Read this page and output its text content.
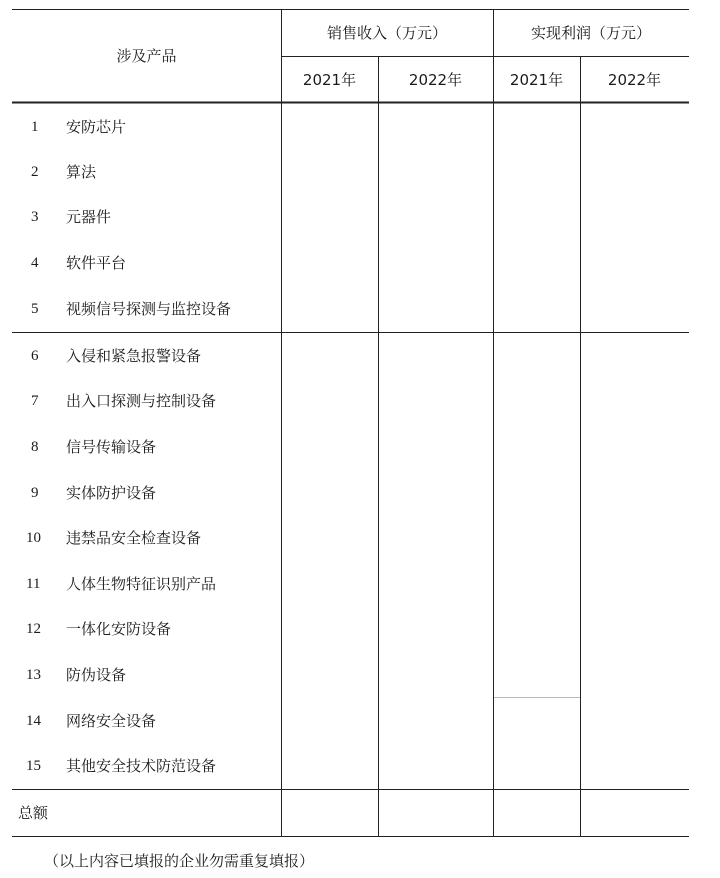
涉及产品
销售收入（万元）	实现利润（万元）
2021年	2022年	2021年	2022年
1 安防芯片
2 算法
3 元器件
4 软件平台
5 视频信号探测与监控设备
6 入侵和紧急报警设备
7 出入口探测与控制设备
8 信号传输设备
9 实体防护设备
10 违禁品安全检查设备
11 人体生物特征识别产品
12 一体化安防设备
13 防伪设备
14 网络安全设备
15 其他安全技术防范设备
总额
（以上内容已填报的企业勿需重复填报）
